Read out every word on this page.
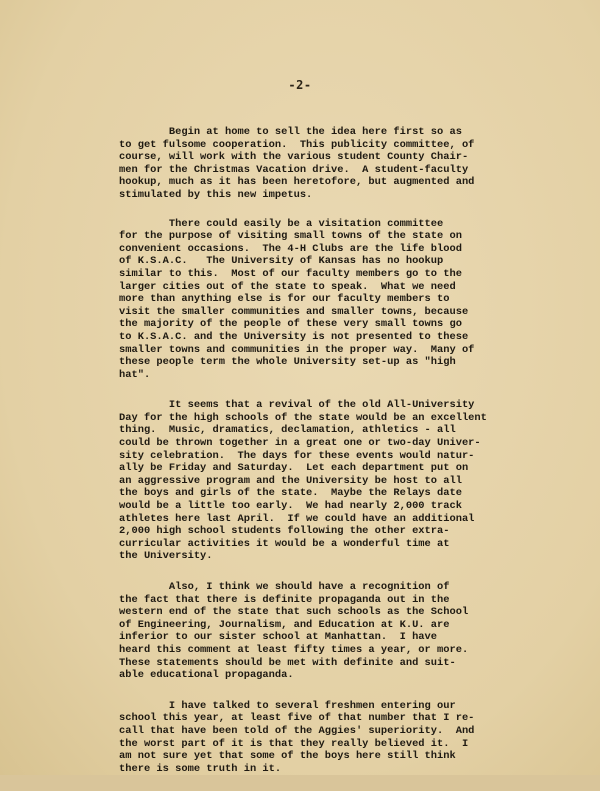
-2-
Begin at home to sell the idea here first so as
to get fulsome cooperation.  This publicity committee, of
course, will work with the various student County Chair-
men for the Christmas Vacation drive.  A student-faculty
hookup, much as it has been heretofore, but augmented and
stimulated by this new impetus.
There could easily be a visitation committee
for the purpose of visiting small towns of the state on
convenient occasions.  The 4-H Clubs are the life blood
of K.S.A.C.   The University of Kansas has no hookup
similar to this.  Most of our faculty members go to the
larger cities out of the state to speak.  What we need
more than anything else is for our faculty members to
visit the smaller communities and smaller towns, because
the majority of the people of these very small towns go
to K.S.A.C. and the University is not presented to these
smaller towns and communities in the proper way.  Many of
these people term the whole University set-up as "high
hat".
It seems that a revival of the old All-University
Day for the high schools of the state would be an excellent
thing.  Music, dramatics, declamation, athletics - all
could be thrown together in a great one or two-day Univer-
sity celebration.  The days for these events would natur-
ally be Friday and Saturday.  Let each department put on
an aggressive program and the University be host to all
the boys and girls of the state.  Maybe the Relays date
would be a little too early.  We had nearly 2,000 track
athletes here last April.  If we could have an additional
2,000 high school students following the other extra-
curricular activities it would be a wonderful time at
the University.
Also, I think we should have a recognition of
the fact that there is definite propaganda out in the
western end of the state that such schools as the School
of Engineering, Journalism, and Education at K.U. are
inferior to our sister school at Manhattan.  I have
heard this comment at least fifty times a year, or more.
These statements should be met with definite and suit-
able educational propaganda.
I have talked to several freshmen entering our
school this year, at least five of that number that I re-
call that have been told of the Aggies' superiority.  And
the worst part of it is that they really believed it.  I
am not sure yet that some of the boys here still think
there is some truth in it.
